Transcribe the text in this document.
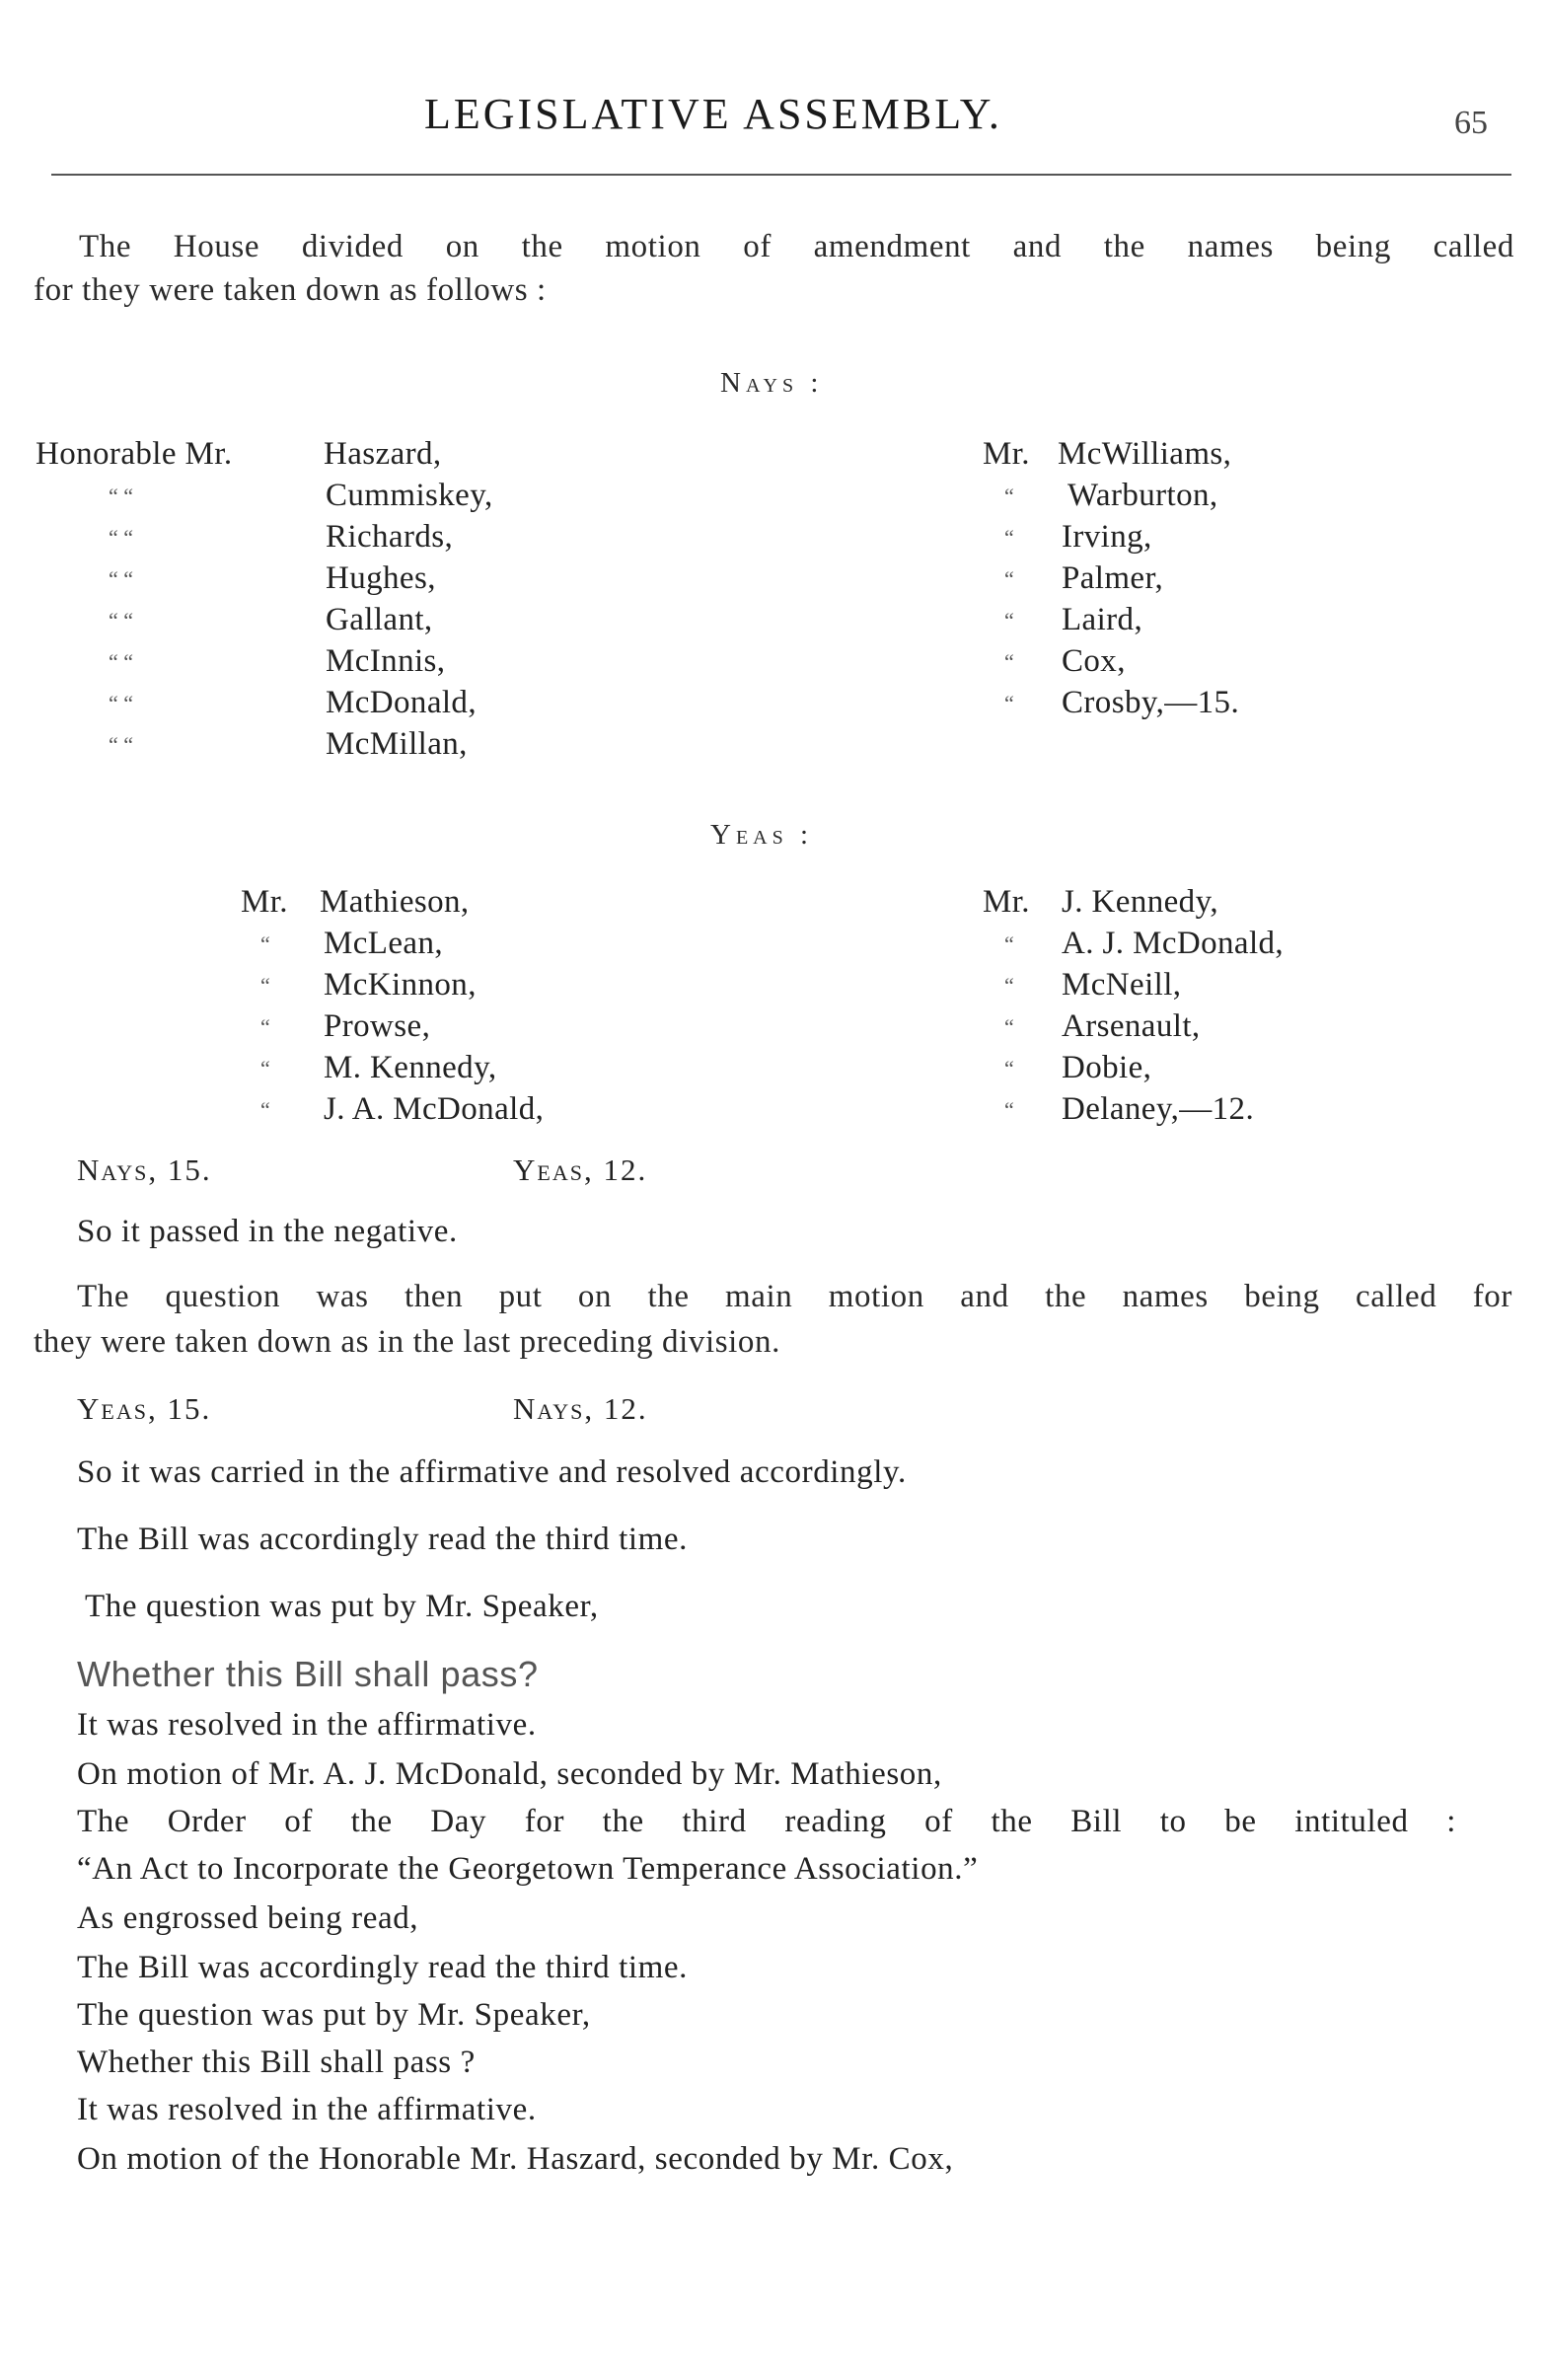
LEGISLATIVE ASSEMBLY.	65
The House divided on the motion of amendment and the names being called
for they were taken down as follows :
Nays :
Honorable Mr.	Haszard,
“ “	Cummiskey,
“ “	Richards,
“ “	Hughes,
“ “	Gallant,
“ “	McInnis,
“ “	McDonald,
“ “	McMillan,
Mr. McWilliams,
“ Warburton,
“ Irving,
“ Palmer,
“ Laird,
“ Cox,
“ Crosby,—15.
Yeas :
Mr. Mathieson,
“ McLean,
“ McKinnon,
“ Prowse,
“ M. Kennedy,
“ J. A. McDonald,
Mr. J. Kennedy,
“ A. J. McDonald,
“ McNeill,
“ Arsenault,
“ Dobie,
“ Delaney,—12.
Nays, 15.	Yeas, 12.
So it passed in the negative.
The question was then put on the main motion and the names being called for
they were taken down as in the last preceding division.
Yeas, 15.	Nays, 12.
So it was carried in the affirmative and resolved accordingly.
The Bill was accordingly read the third time.
The question was put by Mr. Speaker,
Whether this Bill shall pass?
It was resolved in the affirmative.
On motion of Mr. A. J. McDonald, seconded by Mr. Mathieson,
The Order of the Day for the third reading of the Bill to be intituled :
“An Act to Incorporate the Georgetown Temperance Association.”
As engrossed being read,
The Bill was accordingly read the third time.
The question was put by Mr. Speaker,
Whether this Bill shall pass ?
It was resolved in the affirmative.
On motion of the Honorable Mr. Haszard, seconded by Mr. Cox,
